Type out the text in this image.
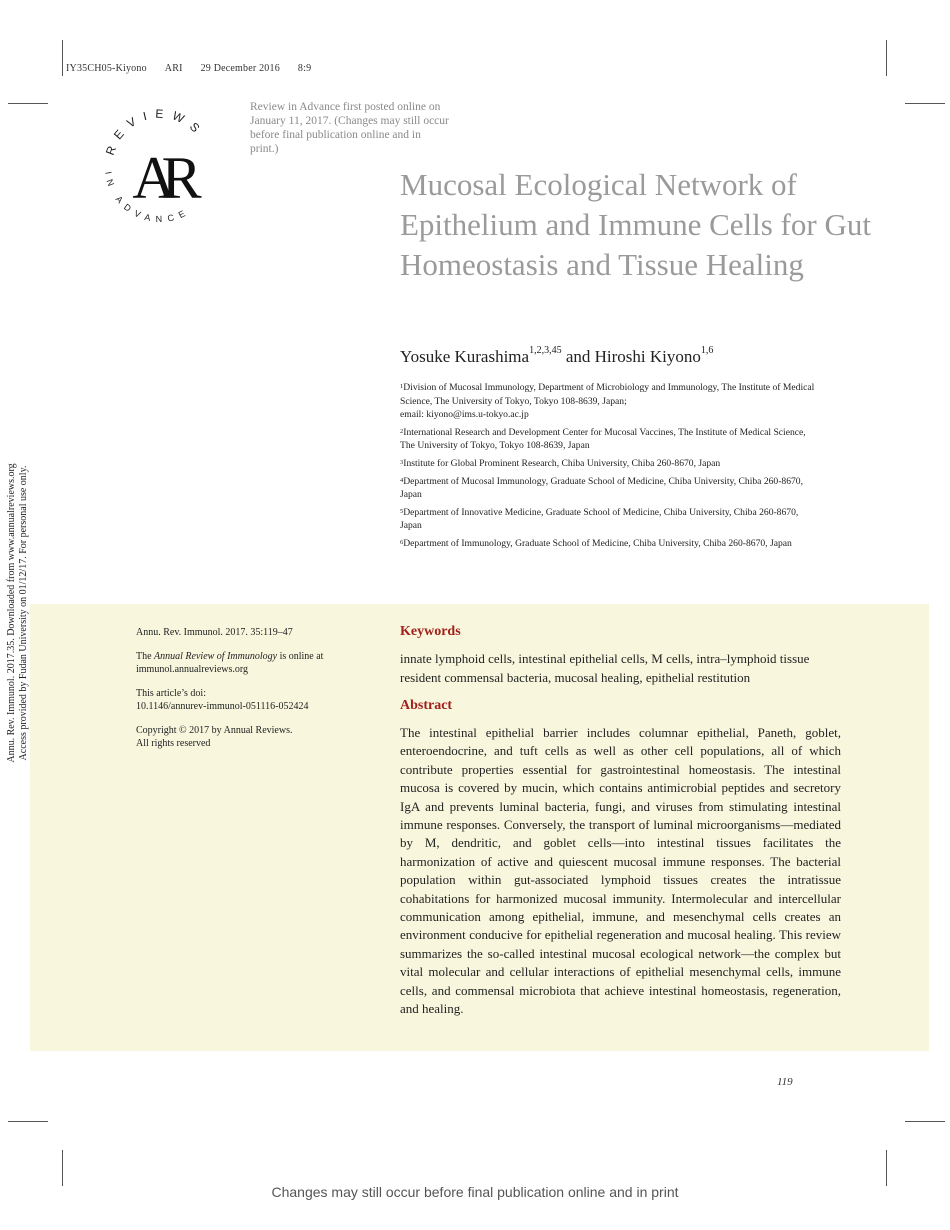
IY35CH05-Kiyono ARI 29 December 2016 8:9
REVIEWS
IN ADVANCE
AR
Review in Advance first posted online on January 11, 2017. (Changes may still occur before final publication online and in print.)
Mucosal Ecological Network of Epithelium and Immune Cells for Gut Homeostasis and Tissue Healing
Yosuke Kurashima$^{1,2,3,45}$ and Hiroshi Kiyono$^{1,6}$
$^1$Division of Mucosal Immunology, Department of Microbiology and Immunology, The Institute of Medical Science, The University of Tokyo, Tokyo 108-8639, Japan;
email: kiyono@ims.u-tokyo.ac.jp
$^2$International Research and Development Center for Mucosal Vaccines, The Institute of Medical Science, The University of Tokyo, Tokyo 108-8639, Japan
$^3$Institute for Global Prominent Research, Chiba University, Chiba 260-8670, Japan
$^4$Department of Mucosal Immunology, Graduate School of Medicine, Chiba University, Chiba 260-8670, Japan
$^5$Department of Innovative Medicine, Graduate School of Medicine, Chiba University, Chiba 260-8670, Japan
$^6$Department of Immunology, Graduate School of Medicine, Chiba University, Chiba 260-8670, Japan
Annu. Rev. Immunol. 2017.35. Downloaded from www.annualreviews.org Access provided by Fudan University on 01/12/17. For personal use only.	Annu. Rev. Immunol. 2017. 35:119–47

The Annual Review of Immunology is online at
immunol.annualreviews.org

This article’s doi:
10.1146/annurev-immunol-051116-052424

Copyright © 2017 by Annual Reviews.
All rights reserved

Keywords
innate lymphoid cells, intestinal epithelial cells, M cells, intra–lymphoid tissue resident commensal bacteria, mucosal healing, epithelial restitution
Abstract
The intestinal epithelial barrier includes columnar epithelial, Paneth, goblet, enteroendocrine, and tuft cells as well as other cell populations, all of which contribute properties essential for gastrointestinal homeostasis. The intestinal mucosa is covered by mucin, which contains antimicrobial peptides and secretory IgA and prevents luminal bacteria, fungi, and viruses from stimulating intestinal immune responses. Conversely, the transport of luminal microorganisms—mediated by M, dendritic, and goblet cells—into intestinal tissues facilitates the harmonization of active and quiescent mucosal immune responses. The bacterial population within gut-associated lymphoid tissues creates the intratissue cohabitations for harmonized mucosal immunity. Intermolecular and intercellular communication among epithelial, immune, and mesenchymal cells creates an environment conducive for epithelial regeneration and mucosal healing. This review summarizes the so-called intestinal mucosal ecological network—the complex but vital molecular and cellular interactions of epithelial mesenchymal cells, immune cells, and commensal microbiota that achieve intestinal homeostasis, regeneration, and healing.
119
Changes may still occur before final publication online and in print
